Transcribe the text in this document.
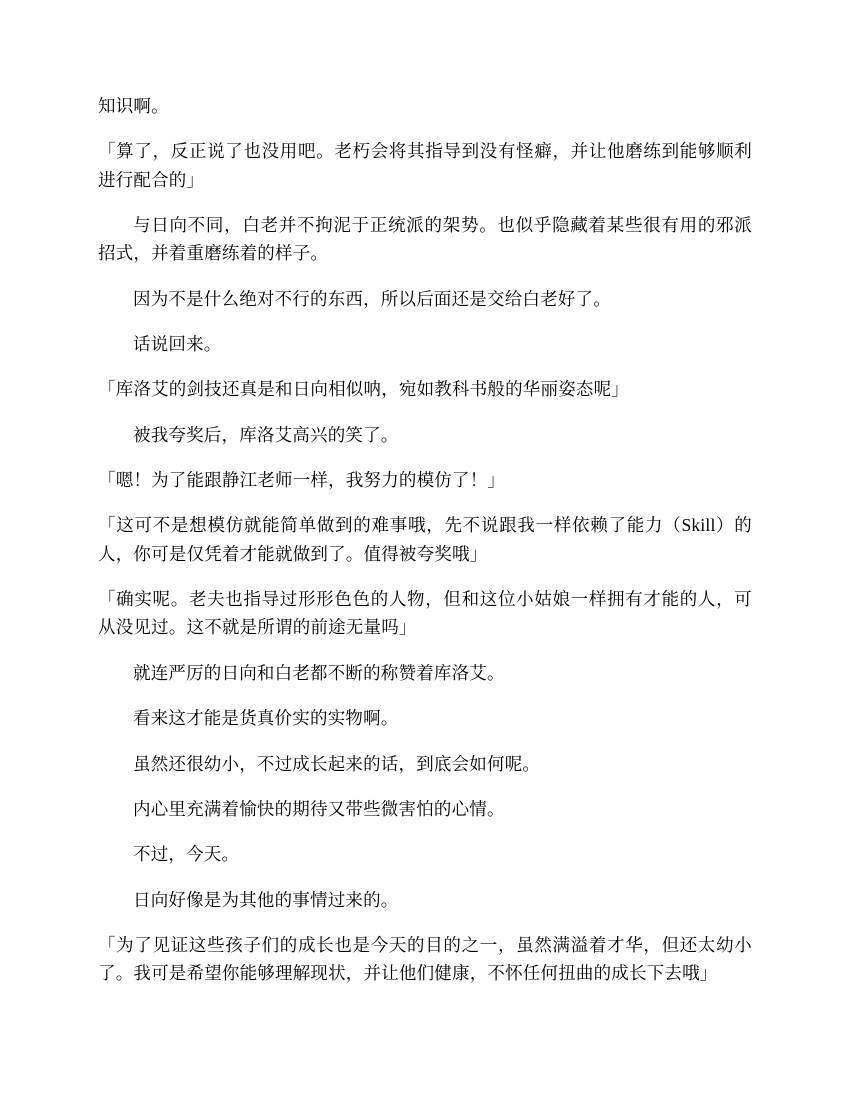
知识啊。

「算了，反正说了也没用吧。老朽会将其指导到没有怪癖，并让他磨练到能够顺利进行配合的」

与日向不同，白老并不拘泥于正统派的架势。也似乎隐藏着某些很有用的邪派招式，并着重磨练着的样子。

因为不是什么绝对不行的东西，所以后面还是交给白老好了。

话说回来。

「库洛艾的剑技还真是和日向相似呐，宛如教科书般的华丽姿态呢」

被我夸奖后，库洛艾高兴的笑了。

「嗯！为了能跟静江老师一样，我努力的模仿了！」

「这可不是想模仿就能简单做到的难事哦，先不说跟我一样依赖了能力（Skill）的人，你可是仅凭着才能就做到了。值得被夸奖哦」

「确实呢。老夫也指导过形形色色的人物，但和这位小姑娘一样拥有才能的人，可从没见过。这不就是所谓的前途无量吗」

就连严厉的日向和白老都不断的称赞着库洛艾。

看来这才能是货真价实的实物啊。

虽然还很幼小，不过成长起来的话，到底会如何呢。

内心里充满着愉快的期待又带些微害怕的心情。

不过，今天。

日向好像是为其他的事情过来的。

「为了见证这些孩子们的成长也是今天的目的之一，虽然满溢着才华，但还太幼小了。我可是希望你能够理解现状，并让他们健康，不怀任何扭曲的成长下去哦」
